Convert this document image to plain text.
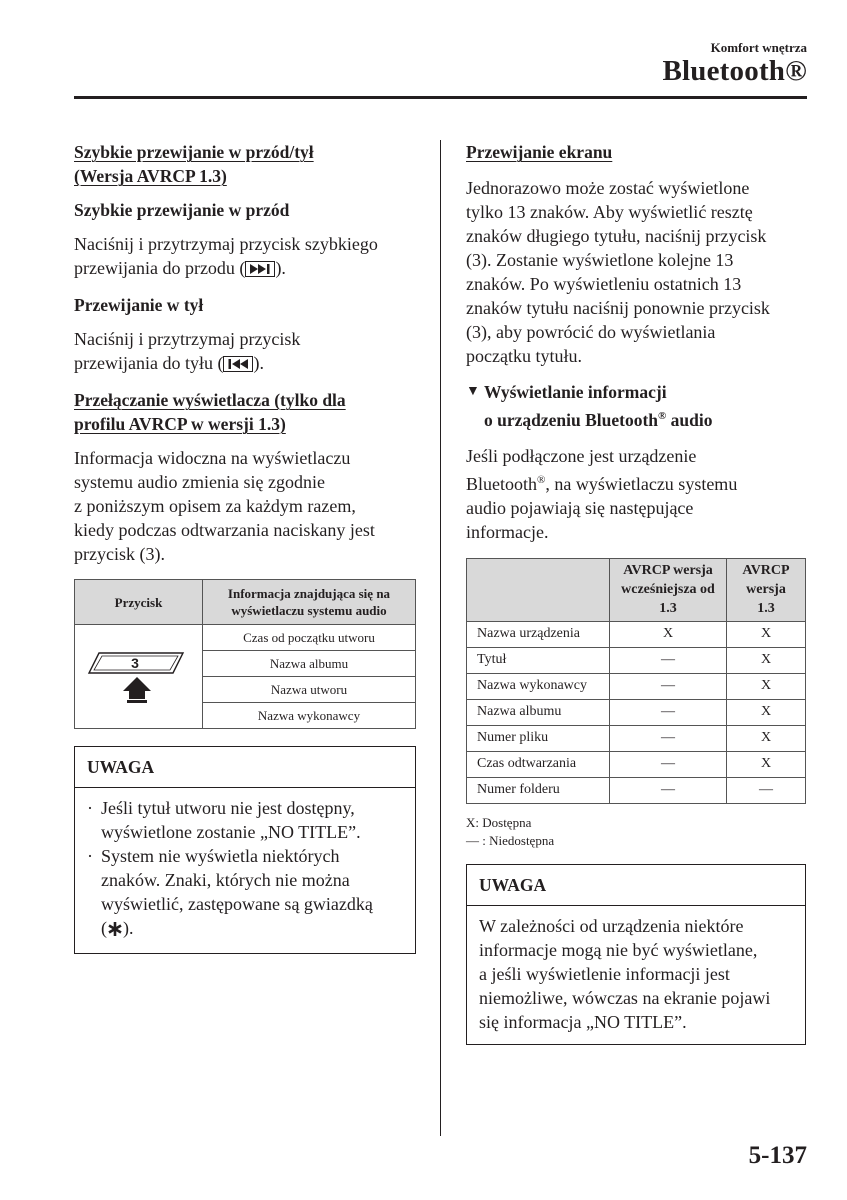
Komfort wnętrza
Bluetooth®
Szybkie przewijanie w przód/tył
(Wersja AVRCP 1.3)
Szybkie przewijanie w przód
Naciśnij i przytrzymaj przycisk szybkiego
przewijania do przodu ( ).
Przewijanie w tył
Naciśnij i przytrzymaj przycisk
przewijania do tyłu ( ).
Przełączanie wyświetlacza (tylko dla
profilu AVRCP w wersji 1.3)
Informacja widoczna na wyświetlaczu
systemu audio zmienia się zgodnie
z poniższym opisem za każdym razem,
kiedy podczas odtwarzania naciskany jest
przycisk (3).
Przycisk	Informacja znajdująca się na
wyświetlaczu systemu audio

3	Czas od początku utworu
	Nazwa albumu
	Nazwa utworu
	Nazwa wykonawcy
UWAGA
· Jeśli tytuł utworu nie jest dostępny,
wyświetlone zostanie „NO TITLE”.
· System nie wyświetla niektórych
znaków. Znaki, których nie można
wyświetlić, zastępowane są gwiazdką
( ).
Przewijanie ekranu
Jednorazowo może zostać wyświetlone
tylko 13 znaków. Aby wyświetlić resztę
znaków długiego tytułu, naciśnij przycisk
(3). Zostanie wyświetlone kolejne 13
znaków. Po wyświetleniu ostatnich 13
znaków tytułu naciśnij ponownie przycisk
(3), aby powrócić do wyświetlania
początku tytułu.
▼ Wyświetlanie informacji
o urządzeniu Bluetooth® audio
Jeśli podłączone jest urządzenie
Bluetooth®, na wyświetlaczu systemu
audio pojawiają się następujące
informacje.
	AVRCP wersja
wcześniejsza od
1.3	AVRCP
wersja
1.3
Nazwa urządzenia	X	X
Tytuł	—	X
Nazwa wykonawcy	—	X
Nazwa albumu	—	X
Numer pliku	—	X
Czas odtwarzania	—	X
Numer folderu	—	—
X: Dostępna
— : Niedostępna
UWAGA
W zależności od urządzenia niektóre
informacje mogą nie być wyświetlane,
a jeśli wyświetlenie informacji jest
niemożliwe, wówczas na ekranie pojawi
się informacja „NO TITLE”.
5-137
